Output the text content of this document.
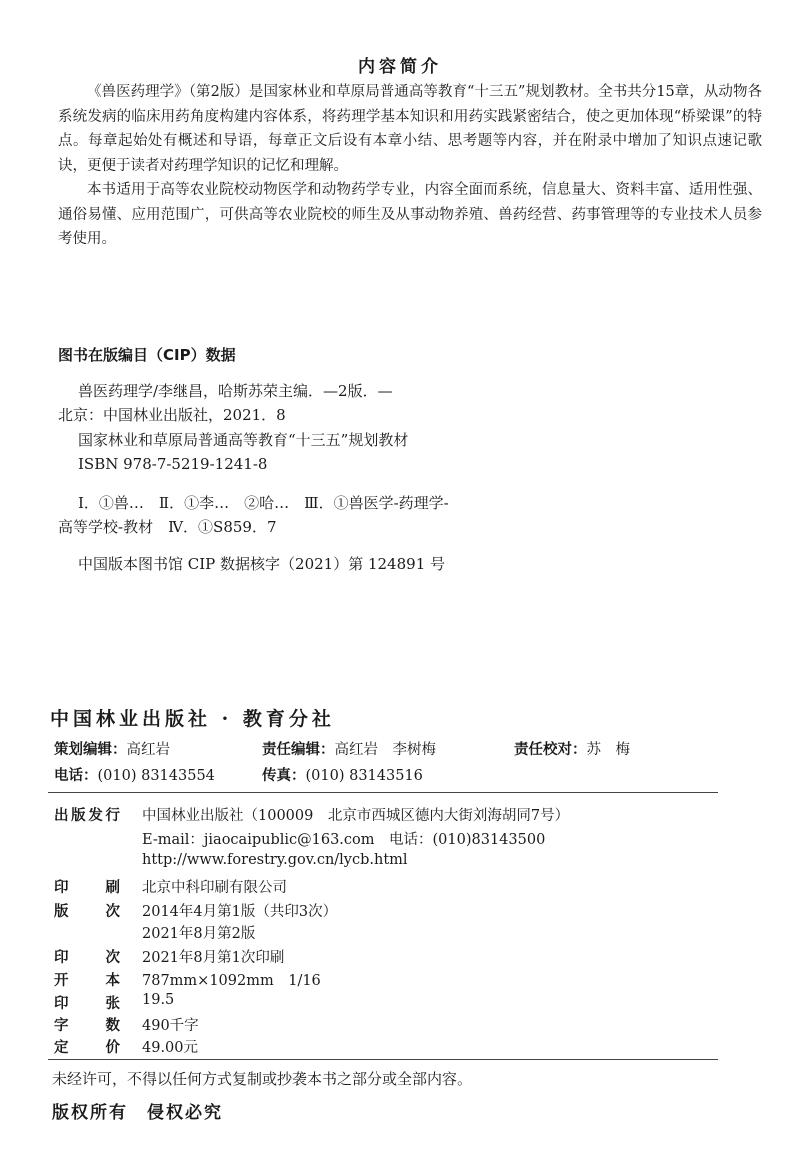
内容简介
《兽医药理学》（第2版）是国家林业和草原局普通高等教育“十三五”规划教材。全书共分15章，从动物各系统发病的临床用药角度构建内容体系，将药理学基本知识和用药实践紧密结合，使之更加体现“桥梁课”的特点。每章起始处有概述和导语，每章正文后设有本章小结、思考题等内容，并在附录中增加了知识点速记歌诀，更便于读者对药理学知识的记忆和理解。
本书适用于高等农业院校动物医学和动物药学专业，内容全面而系统，信息量大、资料丰富、适用性强、通俗易懂、应用范围广，可供高等农业院校的师生及从事动物养殖、兽药经营、药事管理等的专业技术人员参考使用。
图书在版编目（CIP）数据
兽医药理学/李继昌，哈斯苏荣主编．—2版．—
北京：中国林业出版社，2021．8
国家林业和草原局普通高等教育“十三五”规划教材
ISBN 978-7-5219-1241-8
Ⅰ．①兽…　Ⅱ．①李…　②哈…　Ⅲ．①兽医学-药理学-
高等学校-教材　Ⅳ．①S859．7
中国版本图书馆 CIP 数据核字（2021）第 124891 号
中国林业出版社 · 教育分社
策划编辑：高红岩	责任编辑：高红岩　李树梅	责任校对：苏　梅
电话：(010) 83143554	传真：(010) 83143516
出 版 发 行 中国林业出版社（100009　北京市西城区德内大街刘海胡同7号）
E-mail：jiaocaipublic@163.com　电话：(010)83143500
http://www.forestry.gov.cn/lycb.html
印	刷 北京中科印刷有限公司
版	次 2014年4月第1版（共印3次）
2021年8月第2版
印	次 2021年8月第1次印刷
开	本 787mm×1092mm　1/16
印	张 19.5
字	数 490千字
定	价 49.00元
未经许可，不得以任何方式复制或抄袭本书之部分或全部内容。
版权所有　侵权必究
